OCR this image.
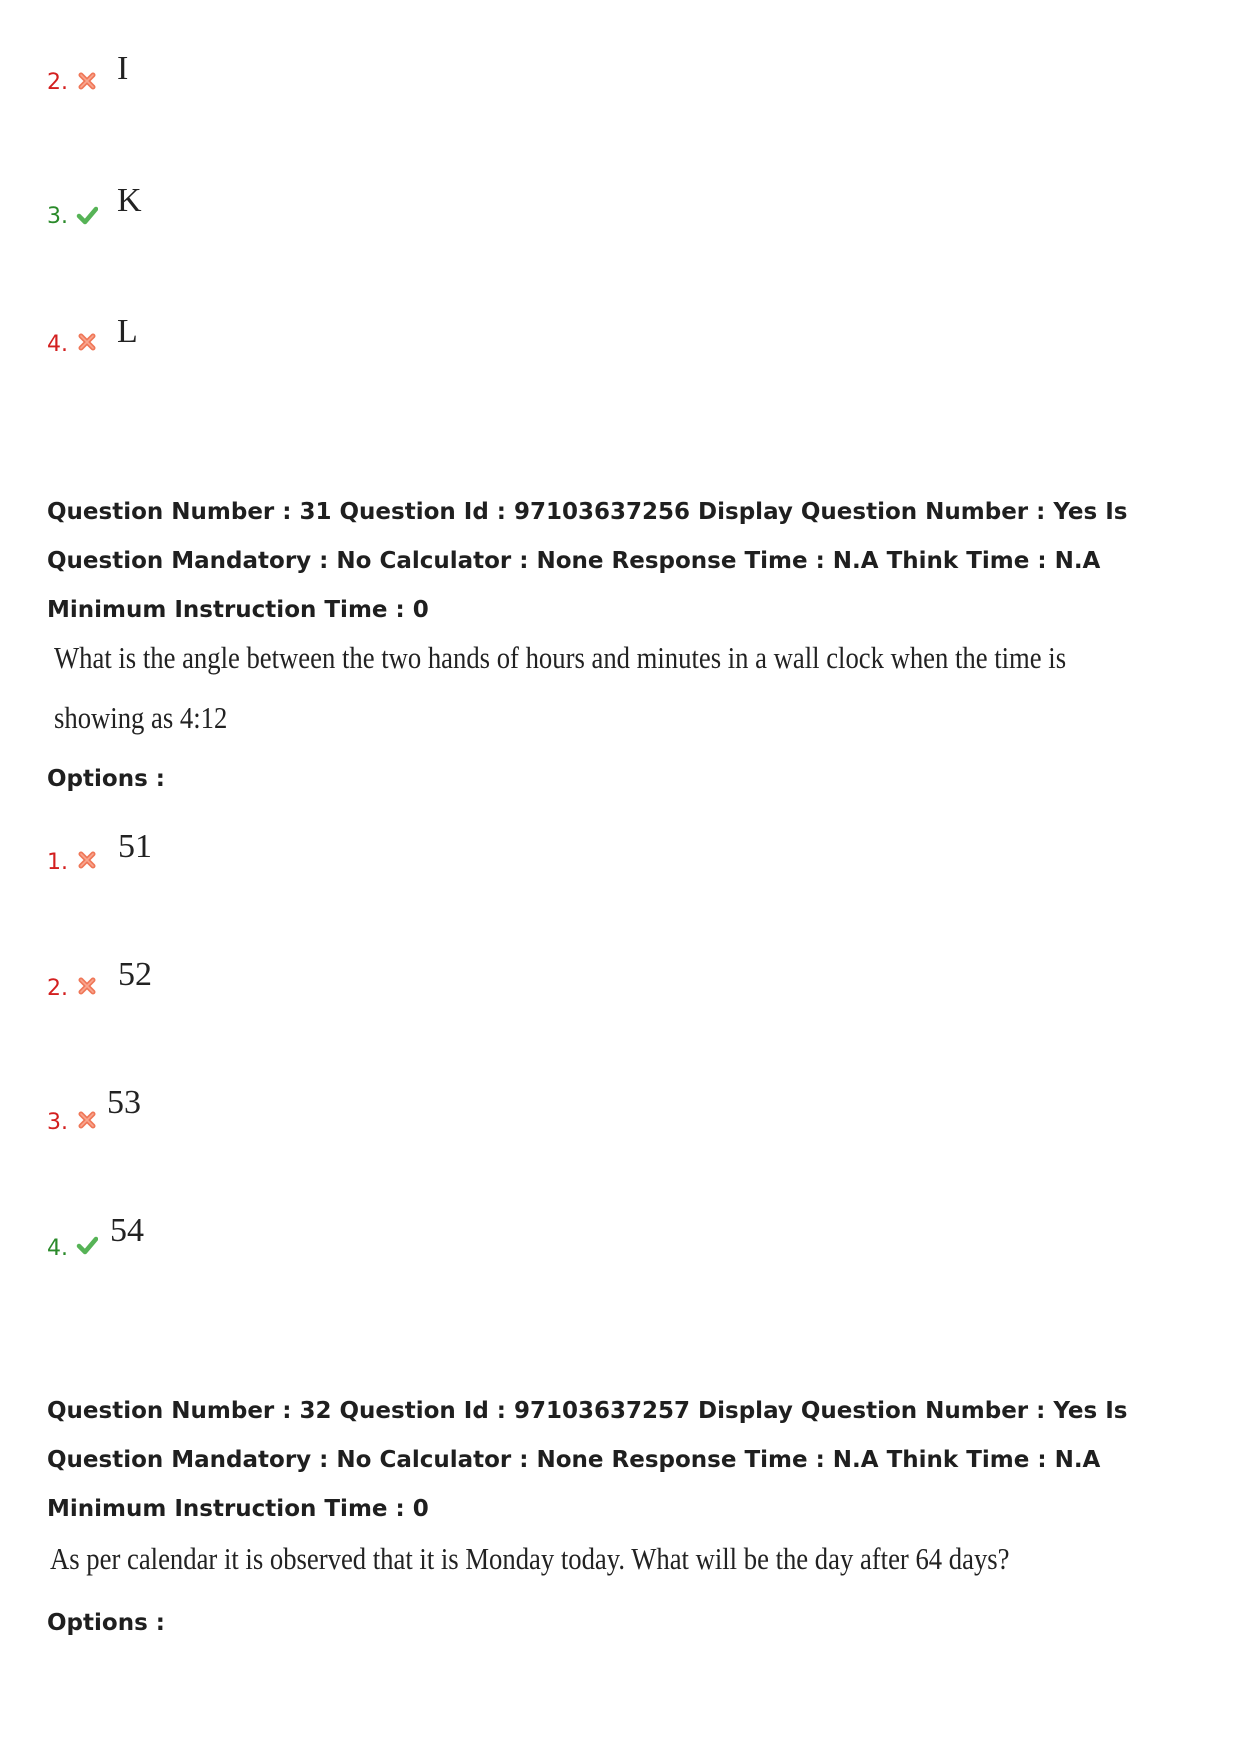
2. I
3. K
4. L
Question Number : 31 Question Id : 97103637256 Display Question Number : Yes Is Question Mandatory : No Calculator : None Response Time : N.A Think Time : N.A Minimum Instruction Time : 0
What is the angle between the two hands of hours and minutes in a wall clock when the time is
showing as 4:12
Options :
1. 51
2. 52
3.
53
4. 54
Question Number : 32 Question Id : 97103637257 Display Question Number : Yes Is Question Mandatory : No Calculator : None Response Time : N.A Think Time : N.A Minimum Instruction Time : 0
As per calendar it is observed that it is Monday today. What will be the day after 64 days?
Options :
